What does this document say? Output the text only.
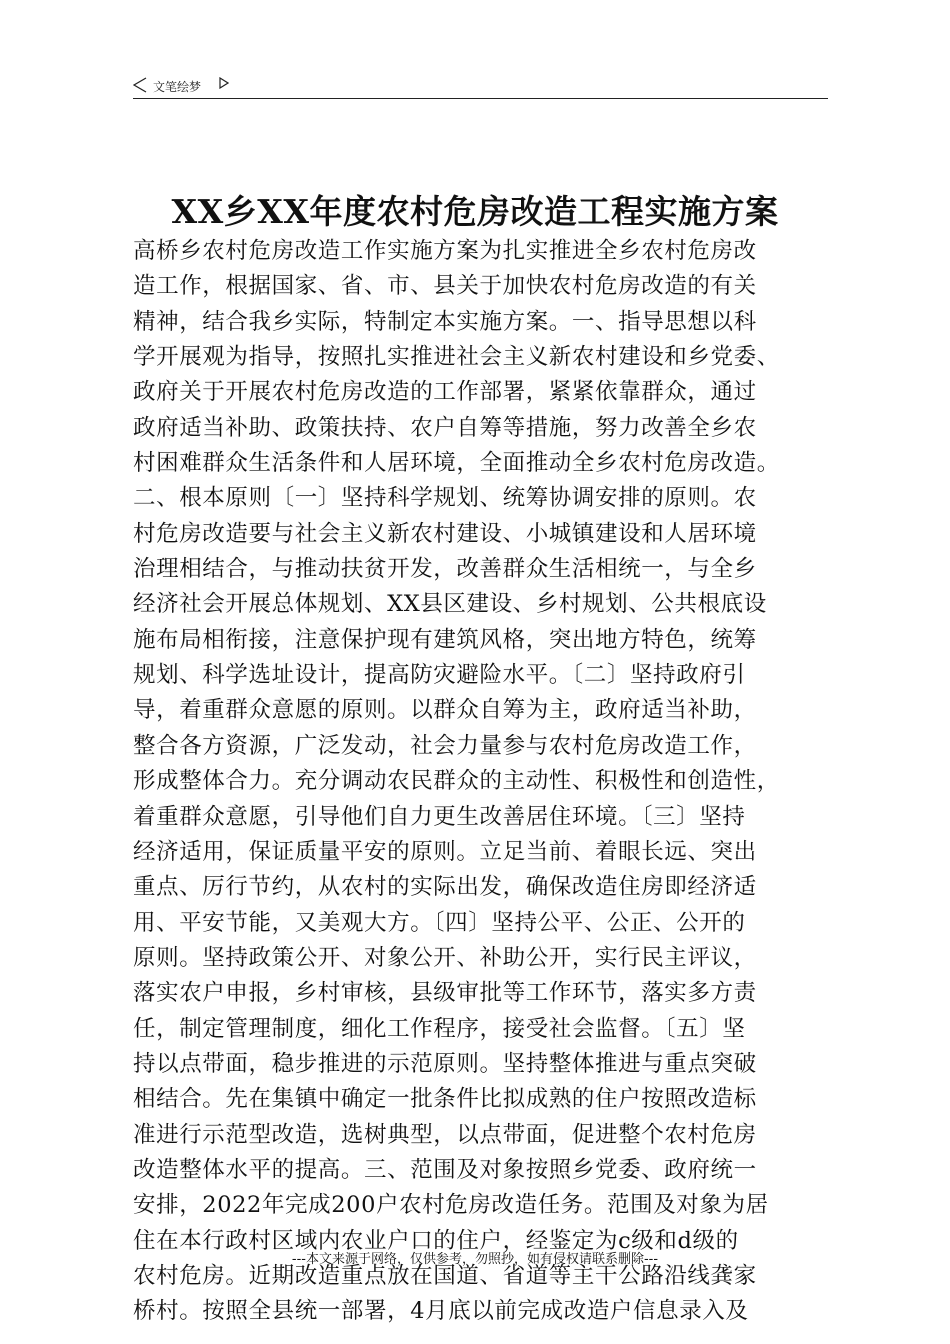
文笔绘梦
XX乡XX年度农村危房改造工程实施方案
高桥乡农村危房改造工作实施方案为扎实推进全乡农村危房改
造工作，根据国家、省、市、县关于加快农村危房改造的有关
精神，结合我乡实际，特制定本实施方案。一、指导思想以科
学开展观为指导，按照扎实推进社会主义新农村建设和乡党委、
政府关于开展农村危房改造的工作部署，紧紧依靠群众，通过
政府适当补助、政策扶持、农户自筹等措施，努力改善全乡农
村困难群众生活条件和人居环境，全面推动全乡农村危房改造。
二、根本原则〔一〕坚持科学规划、统筹协调安排的原则。农
村危房改造要与社会主义新农村建设、小城镇建设和人居环境
治理相结合，与推动扶贫开发，改善群众生活相统一，与全乡
经济社会开展总体规划、XX县区建设、乡村规划、公共根底设
施布局相衔接，注意保护现有建筑风格，突出地方特色，统筹
规划、科学选址设计，提高防灾避险水平。〔二〕坚持政府引
导，着重群众意愿的原则。以群众自筹为主，政府适当补助，
整合各方资源，广泛发动，社会力量参与农村危房改造工作，
形成整体合力。充分调动农民群众的主动性、积极性和创造性，
着重群众意愿，引导他们自力更生改善居住环境。〔三〕坚持
经济适用，保证质量平安的原则。立足当前、着眼长远、突出
重点、厉行节约，从农村的实际出发，确保改造住房即经济适
用、平安节能，又美观大方。〔四〕坚持公平、公正、公开的
原则。坚持政策公开、对象公开、补助公开，实行民主评议，
落实农户申报，乡村审核，县级审批等工作环节，落实多方责
任，制定管理制度，细化工作程序，接受社会监督。〔五〕坚
持以点带面，稳步推进的示范原则。坚持整体推进与重点突破
相结合。先在集镇中确定一批条件比拟成熟的住户按照改造标
准进行示范型改造，选树典型，以点带面，促进整个农村危房
改造整体水平的提高。三、范围及对象按照乡党委、政府统一
安排，2022年完成200户农村危房改造任务。范围及对象为居
住在本行政村区域内农业户口的住户，经鉴定为c级和d级的
农村危房。近期改造重点放在国道、省道等主干公路沿线龚家
桥村。按照全县统一部署，4月底以前完成改造户信息录入及
---本文来源于网络，仅供参考，勿照抄，如有侵权请联系删除---
